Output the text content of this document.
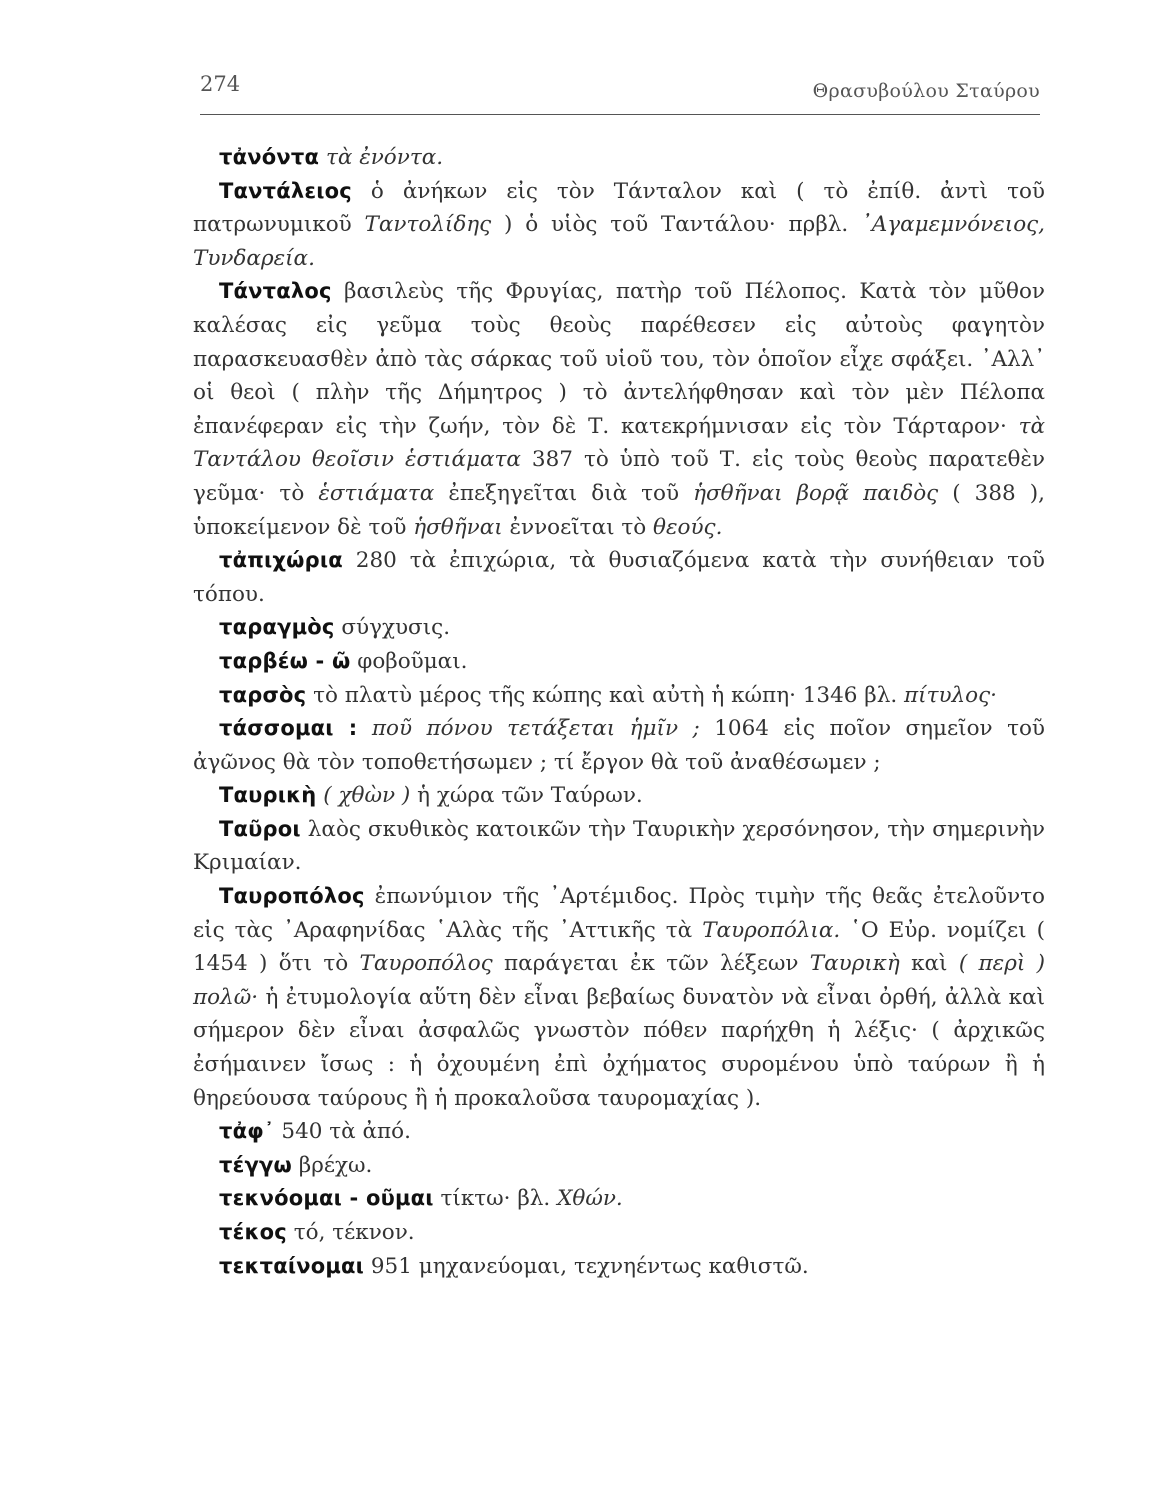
274	Θρασυβούλου Σταύρου

τἀνόντα τὰ ἐνόντα.

Ταντάλειος ὁ ἀνήκων εἰς τὸν Τάνταλον καὶ ( τὸ ἐπίθ. ἀντὶ τοῦ πατρωνυμικοῦ Ταντολίδης ) ὁ υἱὸς τοῦ Ταντάλου· πρβλ. ᾿Αγαμεμνόνειος, Τυνδαρεία.

Τάνταλος βασιλεὺς τῆς Φρυγίας, πατὴρ τοῦ Πέλοπος. Κατὰ τὸν μῦθον καλέσας εἰς γεῦμα τοὺς θεοὺς παρέθεσεν εἰς αὐτοὺς φαγητὸν παρασκευασθὲν ἀπὸ τὰς σάρκας τοῦ υἱοῦ του, τὸν ὁποῖον εἶχε σφάξει. ᾿Αλλ᾿ οἱ θεοὶ ( πλὴν τῆς Δήμητρος ) τὸ ἀντελήφθησαν καὶ τὸν μὲν Πέλοπα ἐπανέφεραν εἰς τὴν ζωήν, τὸν δὲ Τ. κατεκρήμνισαν εἰς τὸν Τάρταρον· τὰ Ταντάλου θεοῖσιν ἑστιάματα 387 τὸ ὑπὸ τοῦ Τ. εἰς τοὺς θεοὺς παρατεθὲν γεῦμα· τὸ ἑστιάματα ἐπεξηγεῖται διὰ τοῦ ἡσθῆναι βορᾷ παιδὸς ( 388 ), ὑποκείμενον δὲ τοῦ ἡσθῆναι ἐννοεῖται τὸ θεούς.

τἀπιχώρια 280 τὰ ἐπιχώρια, τὰ θυσιαζόμενα κατὰ τὴν συνήθειαν τοῦ τόπου.

ταραγμὸς σύγχυσις.

ταρβέω - ῶ φοβοῦμαι.

ταρσὸς τὸ πλατὺ μέρος τῆς κώπης καὶ αὐτὴ ἡ κώπη· 1346 βλ. πίτυλος·

τάσσομαι : ποῦ πόνου τετάξεται ἡμῖν ; 1064 εἰς ποῖον σημεῖον τοῦ ἀγῶνος θὰ τὸν τοποθετήσωμεν ; τί ἔργον θὰ τοῦ ἀναθέσωμεν ;

Ταυρικὴ ( χθὼν ) ἡ χώρα τῶν Ταύρων.

Ταῦροι λαὸς σκυθικὸς κατοικῶν τὴν Ταυρικὴν χερσόνησον, τὴν σημερινὴν Κριμαίαν.

Ταυροπόλος ἐπωνύμιον τῆς ᾿Αρτέμιδος. Πρὸς τιμὴν τῆς θεᾶς ἐτελοῦντο εἰς τὰς ᾿Αραφηνίδας ῾Αλὰς τῆς ᾿Αττικῆς τὰ Ταυροπόλια. ῾Ο Εὐρ. νομίζει ( 1454 ) ὅτι τὸ Ταυροπόλος παράγεται ἐκ τῶν λέξεων Ταυρικὴ καὶ ( περὶ ) πολῶ· ἡ ἐτυμολογία αὕτη δὲν εἶναι βεβαίως δυνατὸν νὰ εἶναι ὀρθή, ἀλλὰ καὶ σήμερον δὲν εἶναι ἀσφαλῶς γνωστὸν πόθεν παρήχθη ἡ λέξις· ( ἀρχικῶς ἐσήμαινεν ἴσως : ἡ ὀχουμένη ἐπὶ ὀχήματος συρομένου ὑπὸ ταύρων ἢ ἡ θηρεύουσα ταύρους ἢ ἡ προκαλοῦσα ταυρομαχίας ).

τἀφ᾿ 540 τὰ ἀπό.

τέγγω βρέχω.

τεκνόομαι - οῦμαι τίκτω· βλ. Χθών.

τέκος τό, τέκνον.

τεκταίνομαι 951 μηχανεύομαι, τεχνηέντως καθιστῶ.
